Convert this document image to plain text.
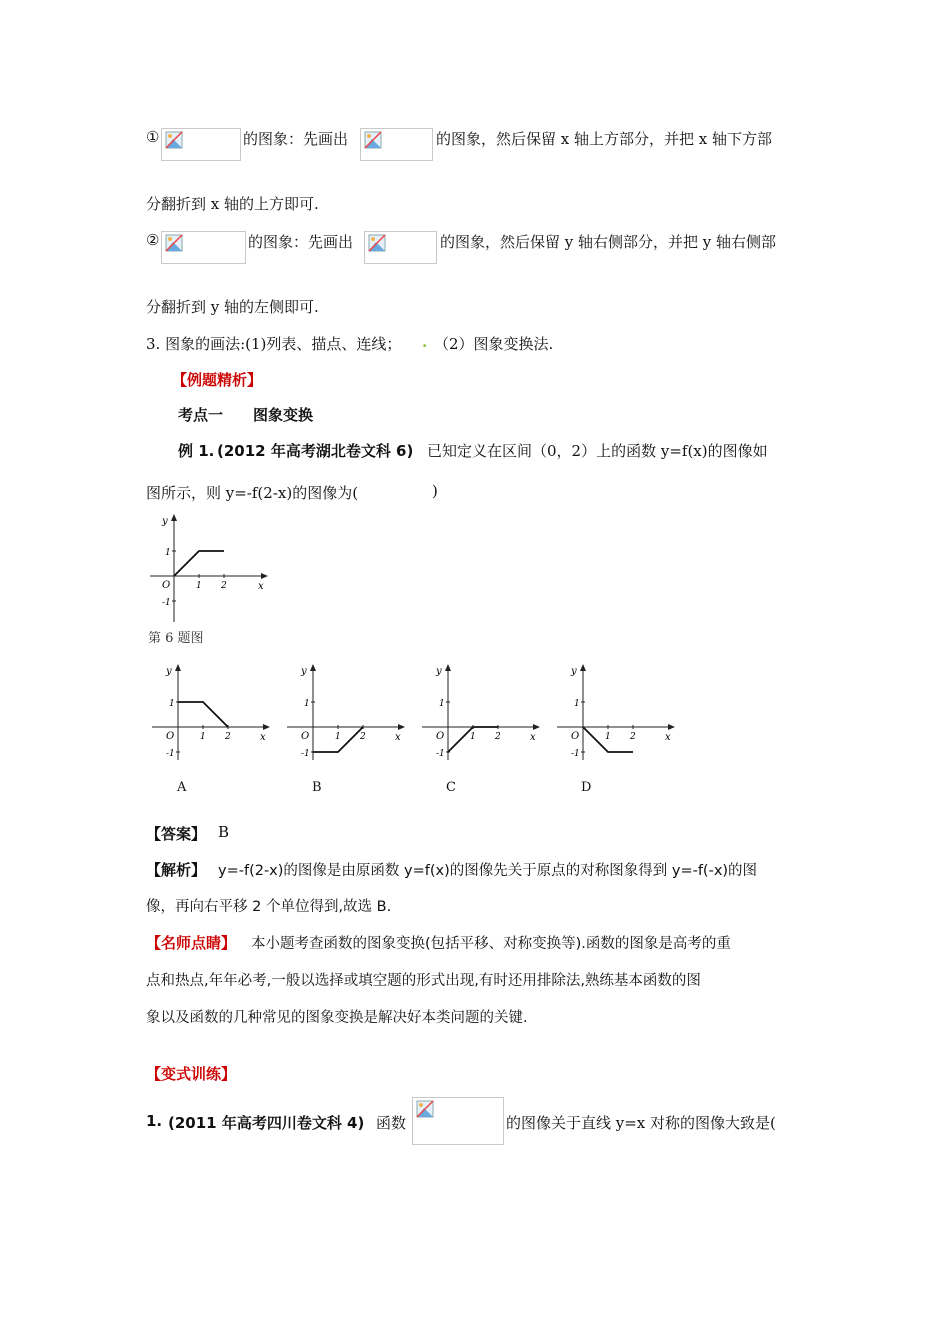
①	的图象：先画出	的图象，然后保留 x 轴上方部分，并把 x 轴下方部
分翻折到 x 轴的上方即可.
②	的图象：先画出	的图象，然后保留 y 轴右侧部分，并把 y 轴右侧部
分翻折到 y 轴的左侧即可.
3. 图象的画法:(1)列表、描点、连线； . （2）图象变换法.
【例题精析】
考点一 图象变换
例 1. (2012 年高考湖北卷文科 6) 已知定义在区间（0，2）上的函数 y=f(x)的图像如
图所示，则 y=-f(2-x)的图像为(	)
y
x
O	1 2
1
-1
第 6 题图
y
x
O	1 2
1
-1
y
x
O	1 2
1
-1
y
x
O	1 2
1
-1
y
x
O	1 2
1
-1
A	B	C	D
【答案】 B
【解析】 y=-f(2-x)的图像是由原函数 y=f(x)的图像先关于原点的对称图象得到 y=-f(-x)的图
像，再向右平移 2 个单位得到,故选 B.
【名师点睛】 本小题考查函数的图象变换(包括平移、对称变换等).函数的图象是高考的重
点和热点,年年必考,一般以选择或填空题的形式出现,有时还用排除法,熟练基本函数的图
象以及函数的几种常见的图象变换是解决好本类问题的关键.
【变式训练】
1. (2011 年高考四川卷文科 4) 函数	的图像关于直线 y=x 对称的图像大致是(
